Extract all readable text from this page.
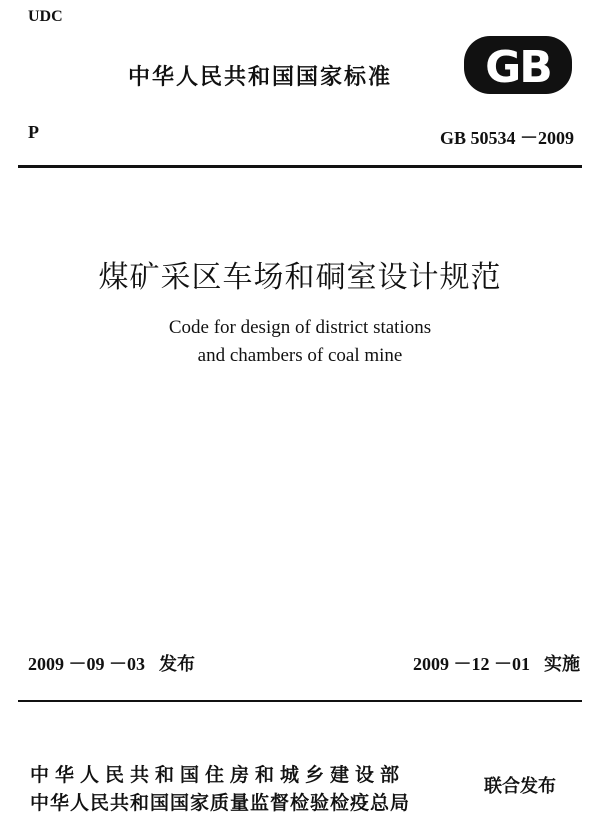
UDC
中华人民共和国国家标准 GB
P	GB 50534 －2009
煤矿采区车场和硐室设计规范
Code for design of district stations
and chambers of coal mine
2009 －09 －03 发布	2009 －12 －01 实施
中华人民共和国住房和城乡建设部
中华人民共和国国家质量监督检验检疫总局
联合发布
